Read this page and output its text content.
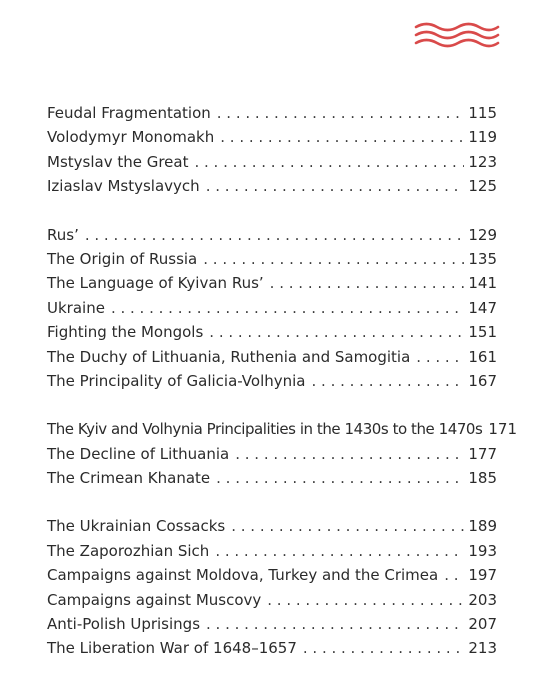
Feudal Fragmentation . . .	115
Volodymyr Monomakh . . .	119
Mstyslav the Great . . .	123
Iziaslav Mstyslavych . . .	125
Rus’ . . .	129
The Origin of Russia . . .	135
The Language of Kyivan Rus’ . . .	141
Ukraine . . .	147
Fighting the Mongols . . .	151
The Duchy of Lithuania, Ruthenia and Samogitia . . .	161
The Principality of Galicia-Volhynia . . .	167
The Kyiv and Volhynia Principalities in the 1430s to the 1470s 171
The Decline of Lithuania . . .	177
The Crimean Khanate . . .	185
The Ukrainian Cossacks . . .	189
The Zaporozhian Sich . . .	193
Campaigns against Moldova, Turkey and the Crimea . . . 197
Campaigns against Muscovy . . .	203
Anti-Polish Uprisings . . .	207
The Liberation War of 1648–1657 . . .	213
